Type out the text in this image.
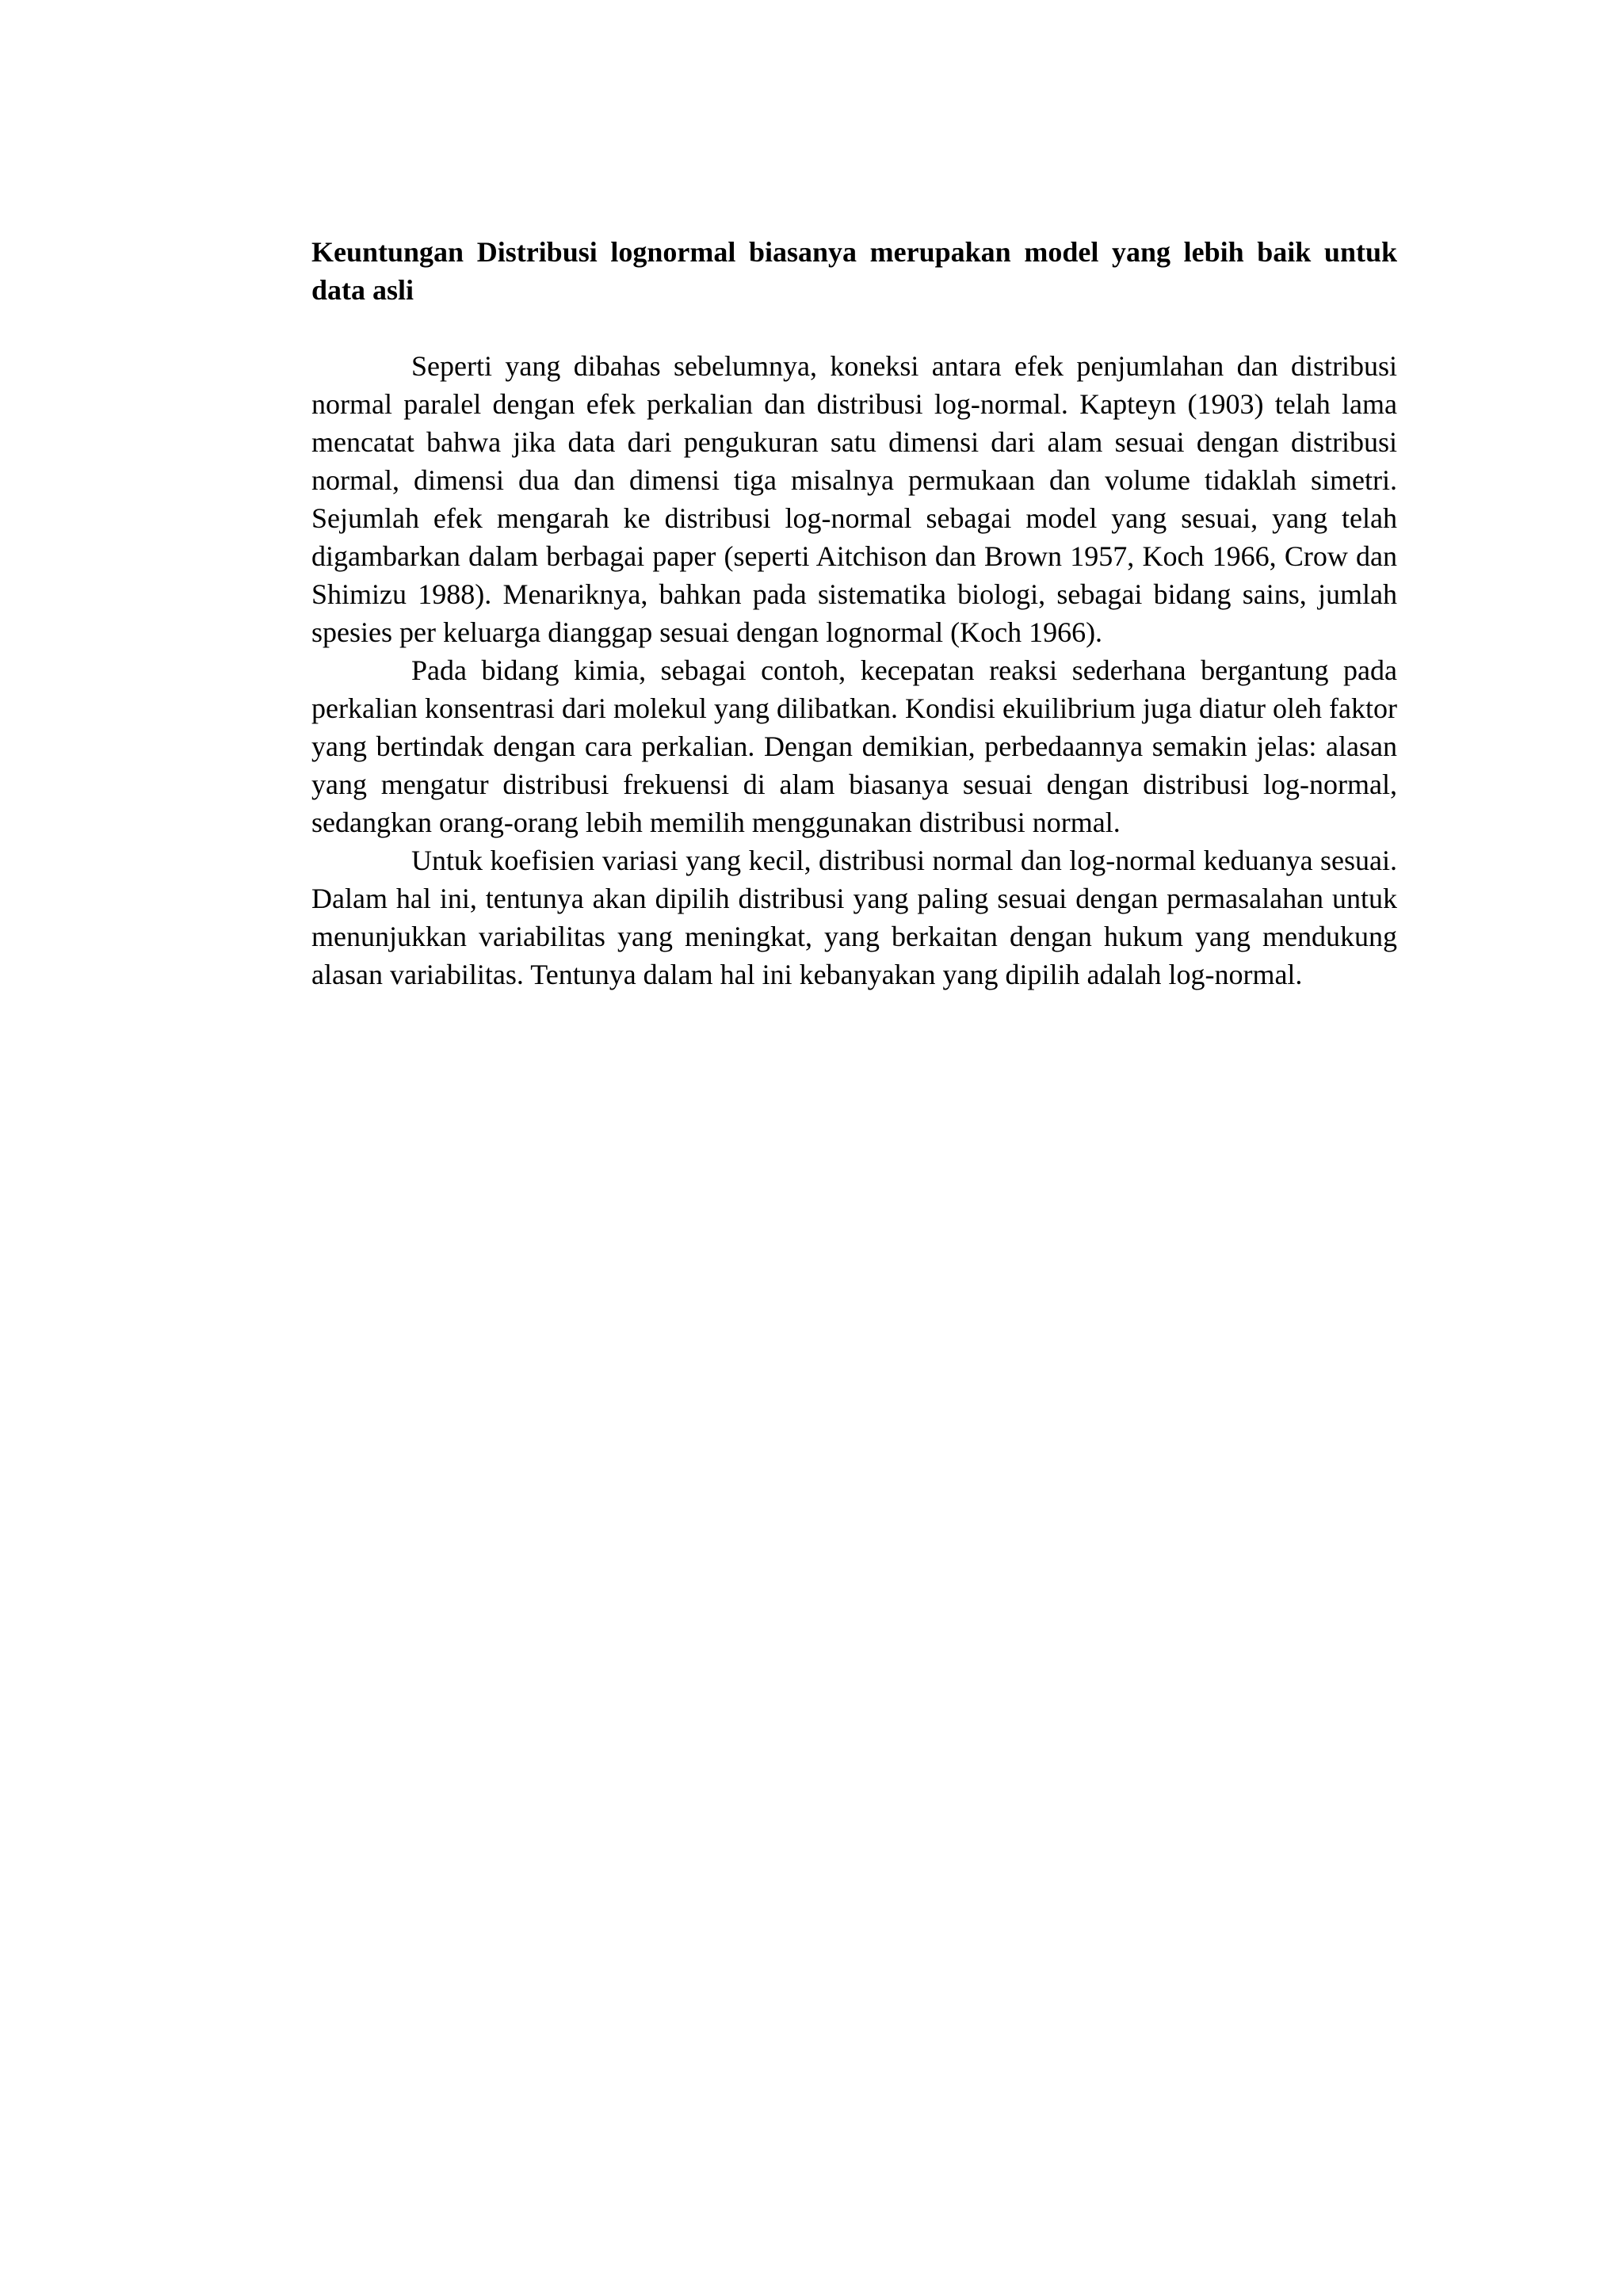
Keuntungan Distribusi lognormal biasanya merupakan model yang lebih baik untuk data asli

Seperti yang dibahas sebelumnya, koneksi antara efek penjumlahan dan distribusi normal paralel dengan efek perkalian dan distribusi log-normal. Kapteyn (1903) telah lama mencatat bahwa jika data dari pengukuran satu dimensi dari alam sesuai dengan distribusi normal, dimensi dua dan dimensi tiga misalnya permukaan dan volume tidaklah simetri. Sejumlah efek mengarah ke distribusi log-normal sebagai model yang sesuai, yang telah digambarkan dalam berbagai paper (seperti Aitchison dan Brown 1957, Koch 1966, Crow dan Shimizu 1988). Menariknya, bahkan pada sistematika biologi, sebagai bidang sains, jumlah spesies per keluarga dianggap sesuai dengan lognormal (Koch 1966).

Pada bidang kimia, sebagai contoh, kecepatan reaksi sederhana bergantung pada perkalian konsentrasi dari molekul yang dilibatkan. Kondisi ekuilibrium juga diatur oleh faktor yang bertindak dengan cara perkalian. Dengan demikian, perbedaannya semakin jelas: alasan yang mengatur distribusi frekuensi di alam biasanya sesuai dengan distribusi log-normal, sedangkan orang-orang lebih memilih menggunakan distribusi normal.

Untuk koefisien variasi yang kecil, distribusi normal dan log-normal keduanya sesuai. Dalam hal ini, tentunya akan dipilih distribusi yang paling sesuai dengan permasalahan untuk menunjukkan variabilitas yang meningkat, yang berkaitan dengan hukum yang mendukung alasan variabilitas. Tentunya dalam hal ini kebanyakan yang dipilih adalah log-normal.
